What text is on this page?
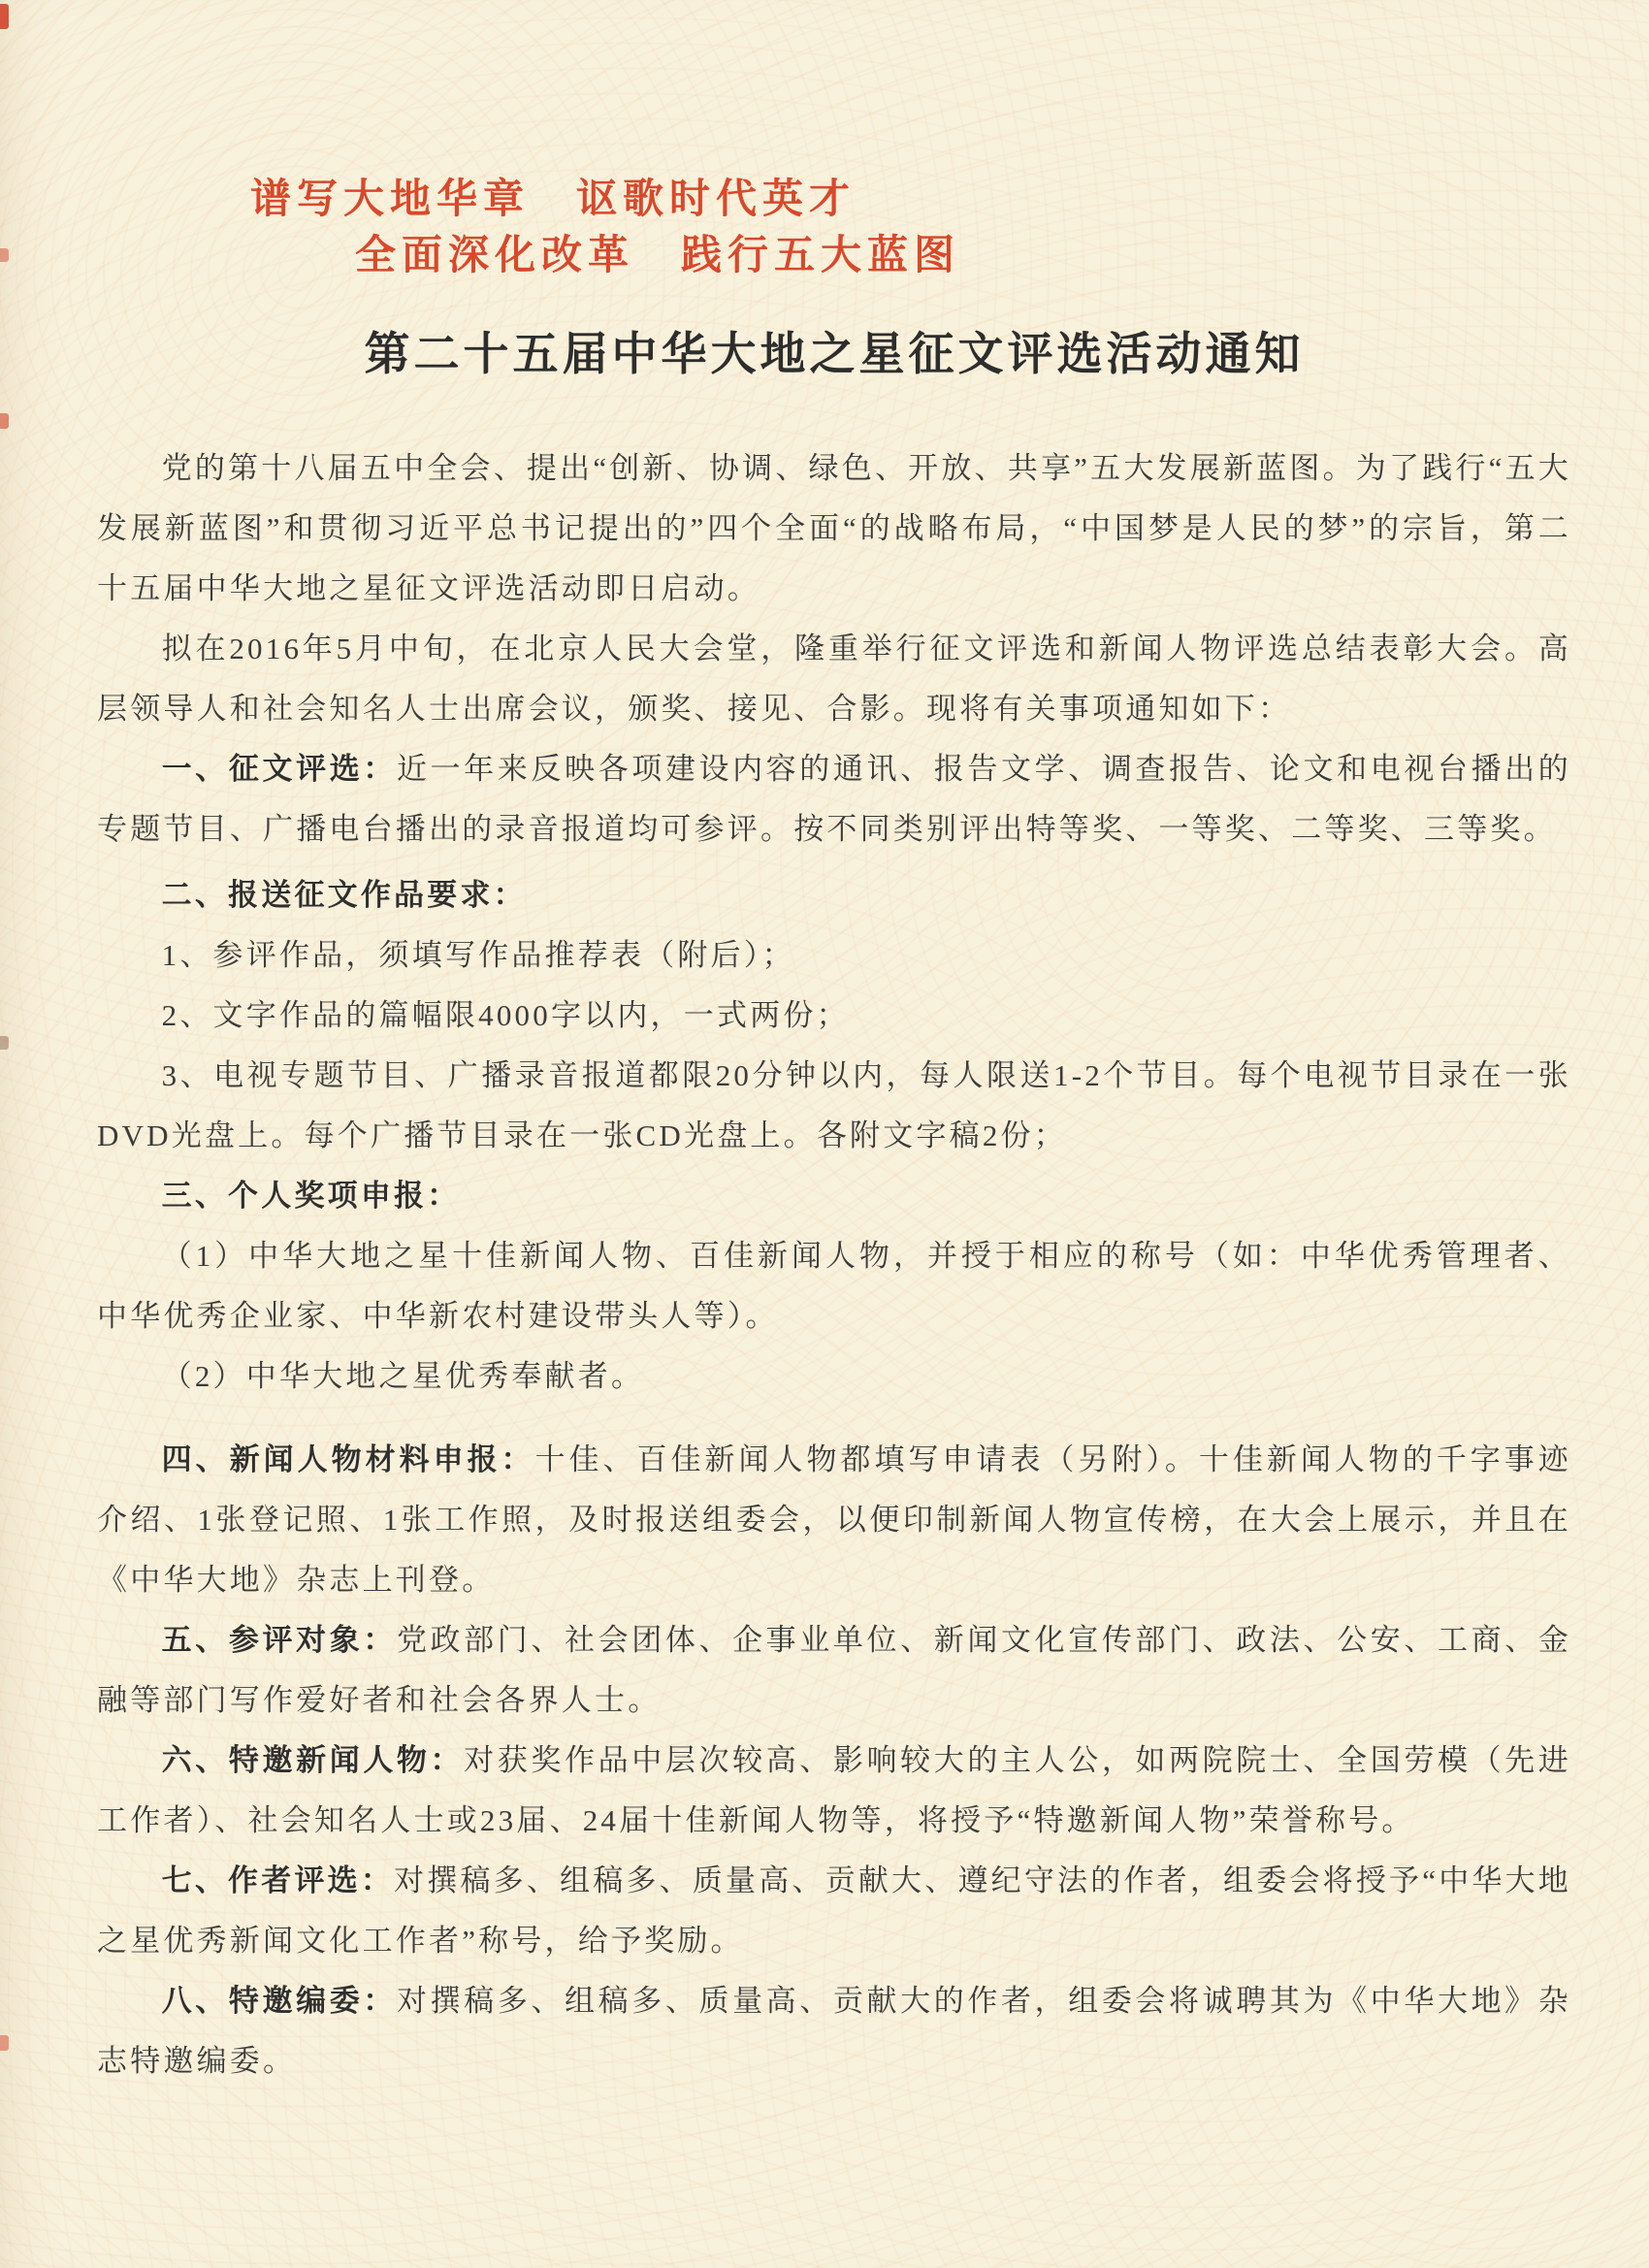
谱写大地华章　讴歌时代英才
全面深化改革　践行五大蓝图
第二十五届中华大地之星征文评选活动通知

党的第十八届五中全会、提出“创新、协调、绿色、开放、共享”五大发展新蓝图。为了践行“五大发展新蓝图”和贯彻习近平总书记提出的”四个全面“的战略布局，“中国梦是人民的梦”的宗旨，第二十五届中华大地之星征文评选活动即日启动。

拟在2016年5月中旬，在北京人民大会堂，隆重举行征文评选和新闻人物评选总结表彰大会。高层领导人和社会知名人士出席会议，颁奖、接见、合影。现将有关事项通知如下：

一、征文评选：近一年来反映各项建设内容的通讯、报告文学、调查报告、论文和电视台播出的专题节目、广播电台播出的录音报道均可参评。按不同类别评出特等奖、一等奖、二等奖、三等奖。

二、报送征文作品要求：

1、参评作品，须填写作品推荐表（附后）；

2、文字作品的篇幅限4000字以内，一式两份；

3、电视专题节目、广播录音报道都限20分钟以内，每人限送1-2个节目。每个电视节目录在一张DVD光盘上。每个广播节目录在一张CD光盘上。各附文字稿2份；

三、个人奖项申报：

（1）中华大地之星十佳新闻人物、百佳新闻人物，并授于相应的称号（如：中华优秀管理者、中华优秀企业家、中华新农村建设带头人等）。

（2）中华大地之星优秀奉献者。

四、新闻人物材料申报：十佳、百佳新闻人物都填写申请表（另附）。十佳新闻人物的千字事迹介绍、1张登记照、1张工作照，及时报送组委会，以便印制新闻人物宣传榜，在大会上展示，并且在《中华大地》杂志上刊登。

五、参评对象：党政部门、社会团体、企事业单位、新闻文化宣传部门、政法、公安、工商、金融等部门写作爱好者和社会各界人士。

六、特邀新闻人物：对获奖作品中层次较高、影响较大的主人公，如两院院士、全国劳模（先进工作者）、社会知名人士或23届、24届十佳新闻人物等，将授予“特邀新闻人物”荣誉称号。

七、作者评选：对撰稿多、组稿多、质量高、贡献大、遵纪守法的作者，组委会将授予“中华大地之星优秀新闻文化工作者”称号，给予奖励。

八、特邀编委：对撰稿多、组稿多、质量高、贡献大的作者，组委会将诚聘其为《中华大地》杂志特邀编委。
